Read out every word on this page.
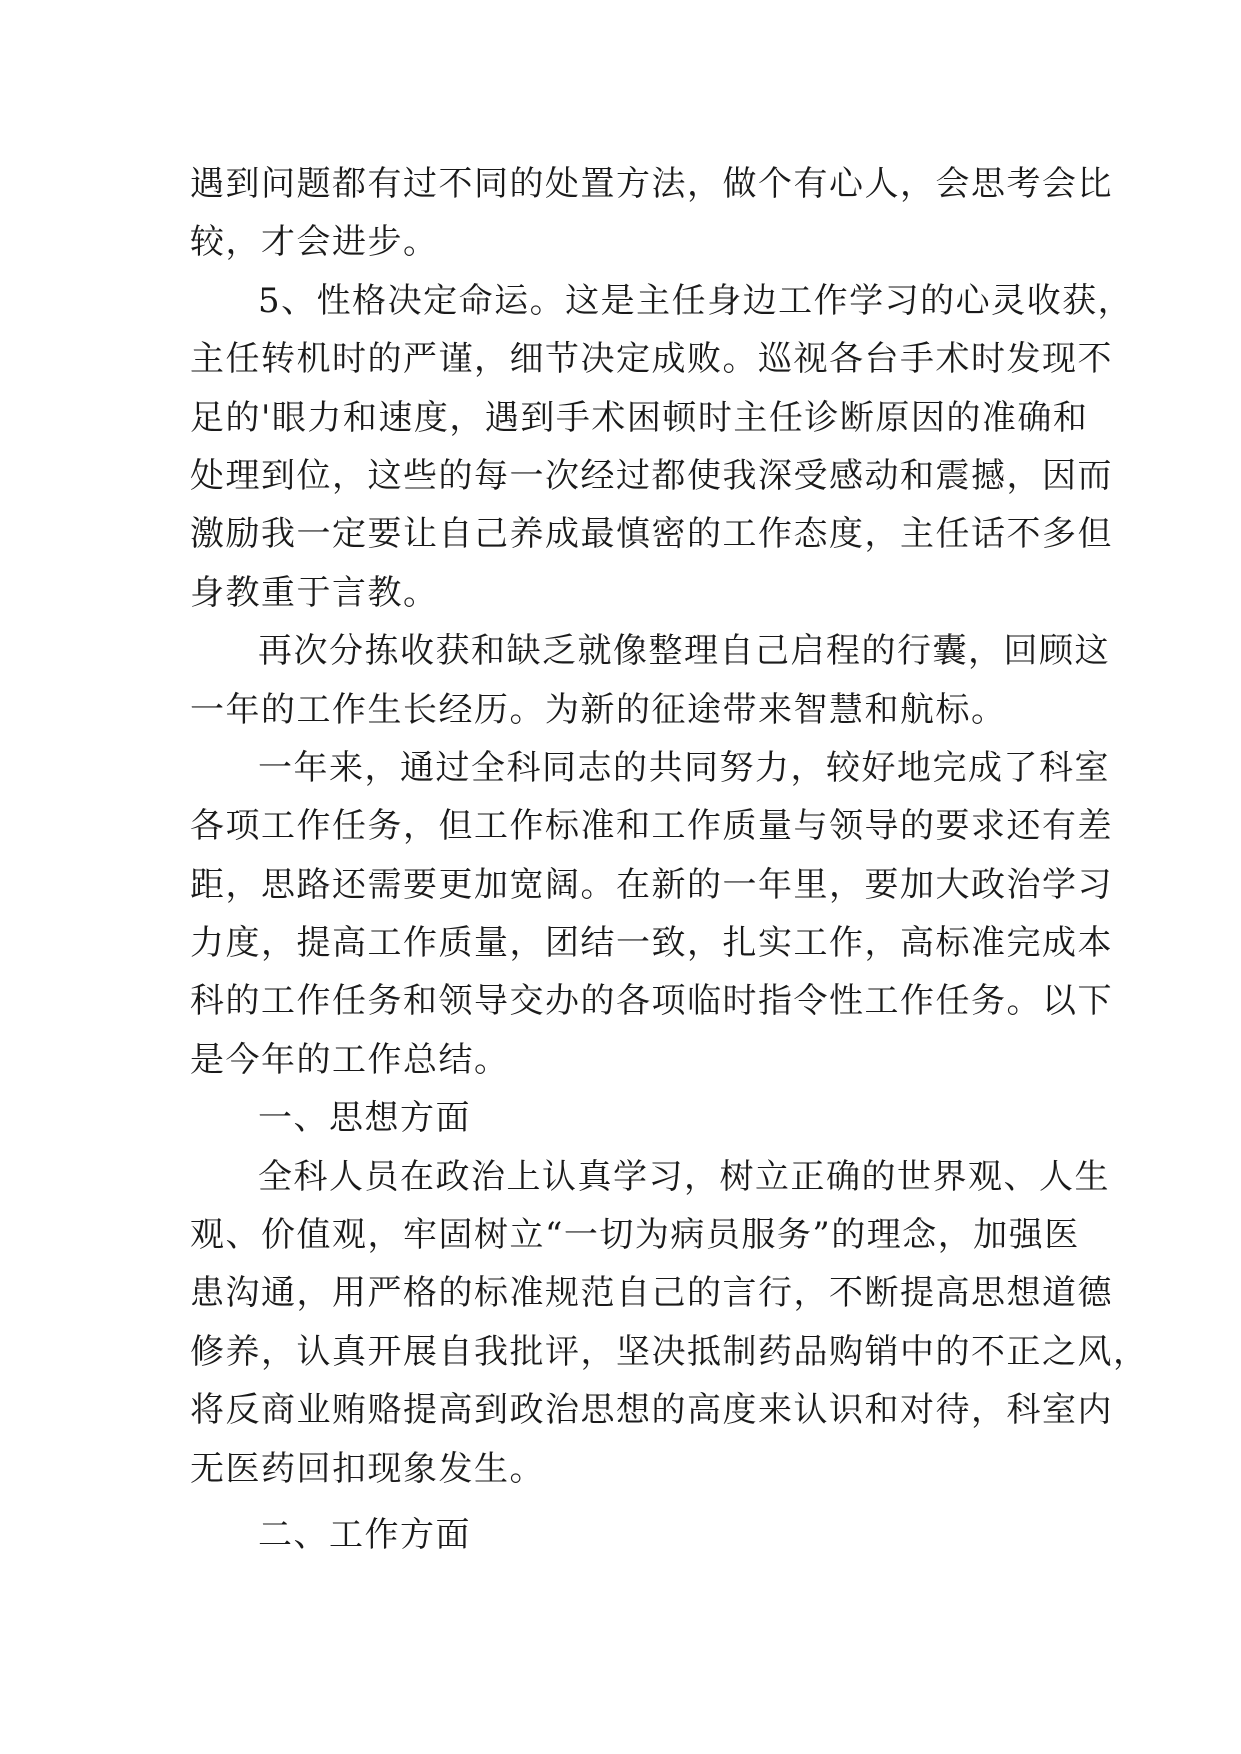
遇到问题都有过不同的处置方法，做个有心人，会思考会比
较，才会进步。
5、性格决定命运。这是主任身边工作学习的心灵收获，
主任转机时的严谨，细节决定成败。巡视各台手术时发现不
足的'眼力和速度，遇到手术困顿时主任诊断原因的准确和
处理到位，这些的每一次经过都使我深受感动和震撼，因而
激励我一定要让自己养成最慎密的工作态度，主任话不多但
身教重于言教。
再次分拣收获和缺乏就像整理自己启程的行囊，回顾这
一年的工作生长经历。为新的征途带来智慧和航标。
一年来，通过全科同志的共同努力，较好地完成了科室
各项工作任务，但工作标准和工作质量与领导的要求还有差
距，思路还需要更加宽阔。在新的一年里，要加大政治学习
力度，提高工作质量，团结一致，扎实工作，高标准完成本
科的工作任务和领导交办的各项临时指令性工作任务。以下
是今年的工作总结。
一、思想方面
全科人员在政治上认真学习，树立正确的世界观、人生
观、价值观，牢固树立“一切为病员服务”的理念，加强医
患沟通，用严格的标准规范自己的言行，不断提高思想道德
修养，认真开展自我批评，坚决抵制药品购销中的不正之风，
将反商业贿赂提高到政治思想的高度来认识和对待，科室内
无医药回扣现象发生。
二、工作方面
